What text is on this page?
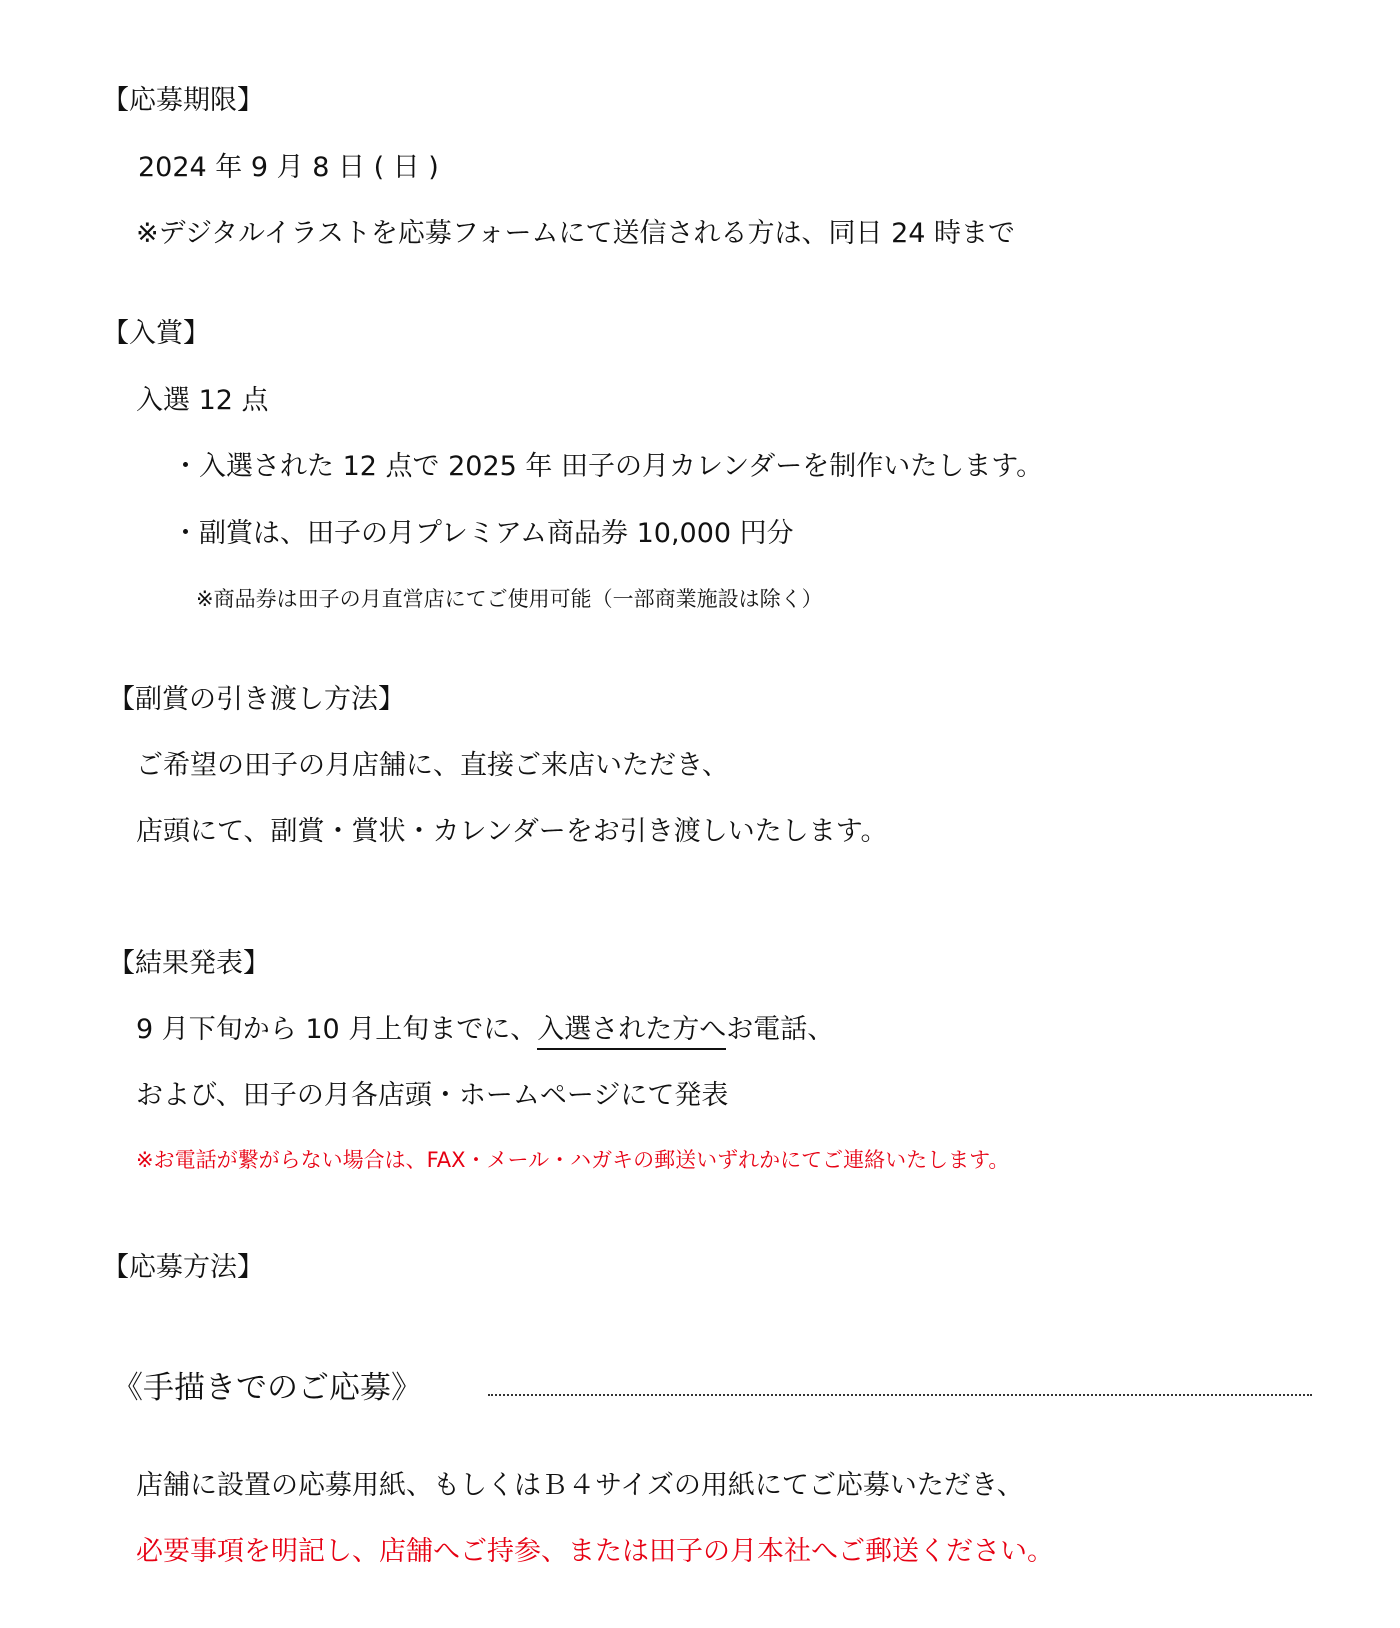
【応募期限】
2024 年 9 月 8 日 ( 日 )
※デジタルイラストを応募フォームにて送信される方は、同日 24 時まで
【入賞】
入選 12 点
・入選された 12 点で 2025 年 田子の月カレンダーを制作いたします。
・副賞は、田子の月プレミアム商品券 10,000 円分
※商品券は田子の月直営店にてご使用可能（一部商業施設は除く）
【副賞の引き渡し方法】
ご希望の田子の月店舗に、直接ご来店いただき、
店頭にて、副賞・賞状・カレンダーをお引き渡しいたします。
【結果発表】
9 月下旬から 10 月上旬までに、入選された方へお電話、
および、田子の月各店頭・ホームページにて発表
※お電話が繋がらない場合は、FAX・メール・ハガキの郵送いずれかにてご連絡いたします。
【応募方法】
《手描きでのご応募》
店舗に設置の応募用紙、もしくはＢ４サイズの用紙にてご応募いただき、
必要事項を明記し、店舗へご持参、または田子の月本社へご郵送ください。
